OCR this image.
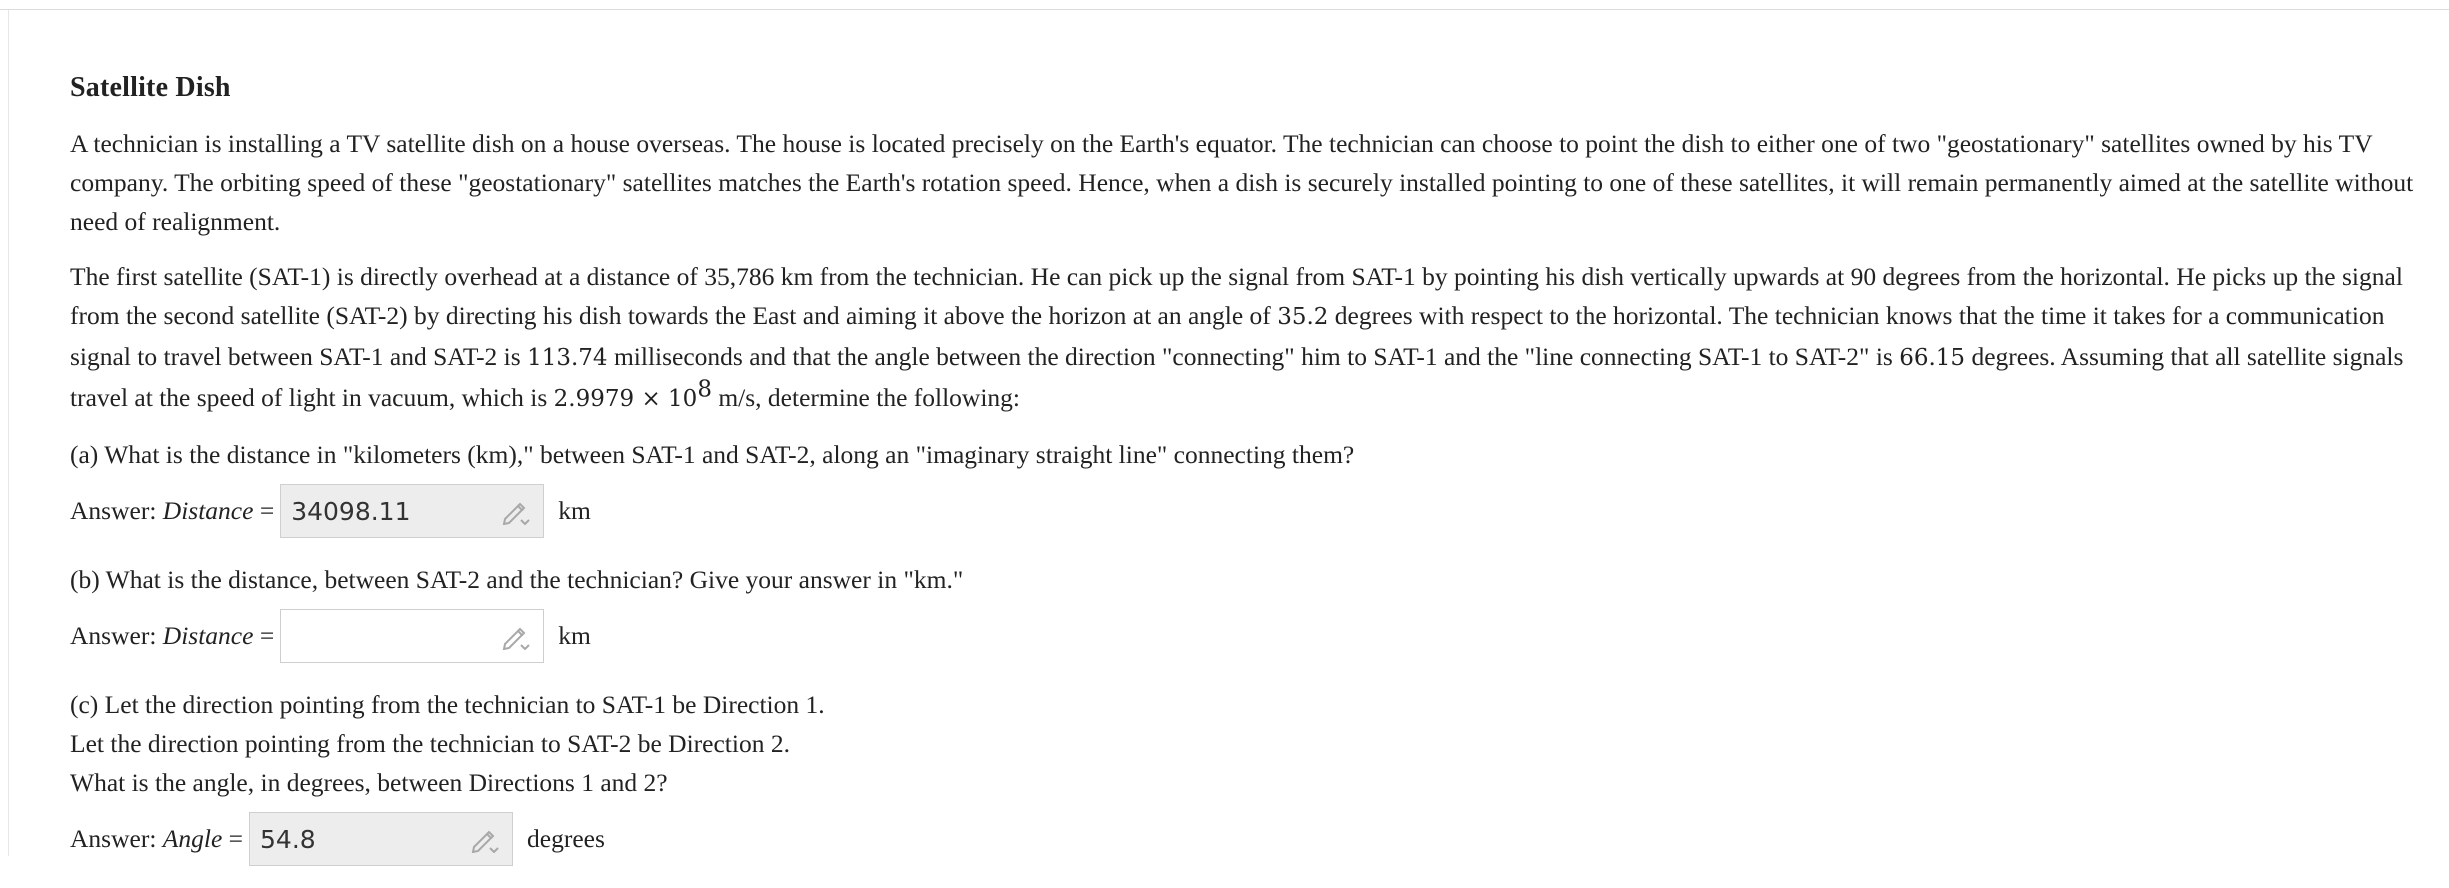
Satellite Dish

A technician is installing a TV satellite dish on a house overseas. The house is located precisely on the Earth's equator. The technician can choose to point the dish to either one of two "geostationary" satellites owned by his TV company. The orbiting speed of these "geostationary" satellites matches the Earth's rotation speed. Hence, when a dish is securely installed pointing to one of these satellites, it will remain permanently aimed at the satellite without need of realignment.

The first satellite (SAT-1) is directly overhead at a distance of 35,786 km from the technician. He can pick up the signal from SAT-1 by pointing his dish vertically upwards at 90 degrees from the horizontal. He picks up the signal from the second satellite (SAT-2) by directing his dish towards the East and aiming it above the horizon at an angle of 35.2 degrees with respect to the horizontal. The technician knows that the time it takes for a communication signal to travel between SAT-1 and SAT-2 is 113.74 milliseconds and that the angle between the direction "connecting" him to SAT-1 and the "line connecting SAT-1 to SAT-2" is 66.15 degrees. Assuming that all satellite signals travel at the speed of light in vacuum, which is $2.9979 \times 10^8$ m/s, determine the following:

(a) What is the distance in "kilometers (km)," between SAT-1 and SAT-2, along an "imaginary straight line" connecting them?

Answer: Distance = 34098.11	km

(b) What is the distance, between SAT-2 and the technician? Give your answer in "km."

Answer: Distance =	km
(c) Let the direction pointing from the technician to SAT-1 be Direction 1.
Let the direction pointing from the technician to SAT-2 be Direction 2.
What is the angle, in degrees, between Directions 1 and 2?
Answer: Angle = 54.8	degrees
